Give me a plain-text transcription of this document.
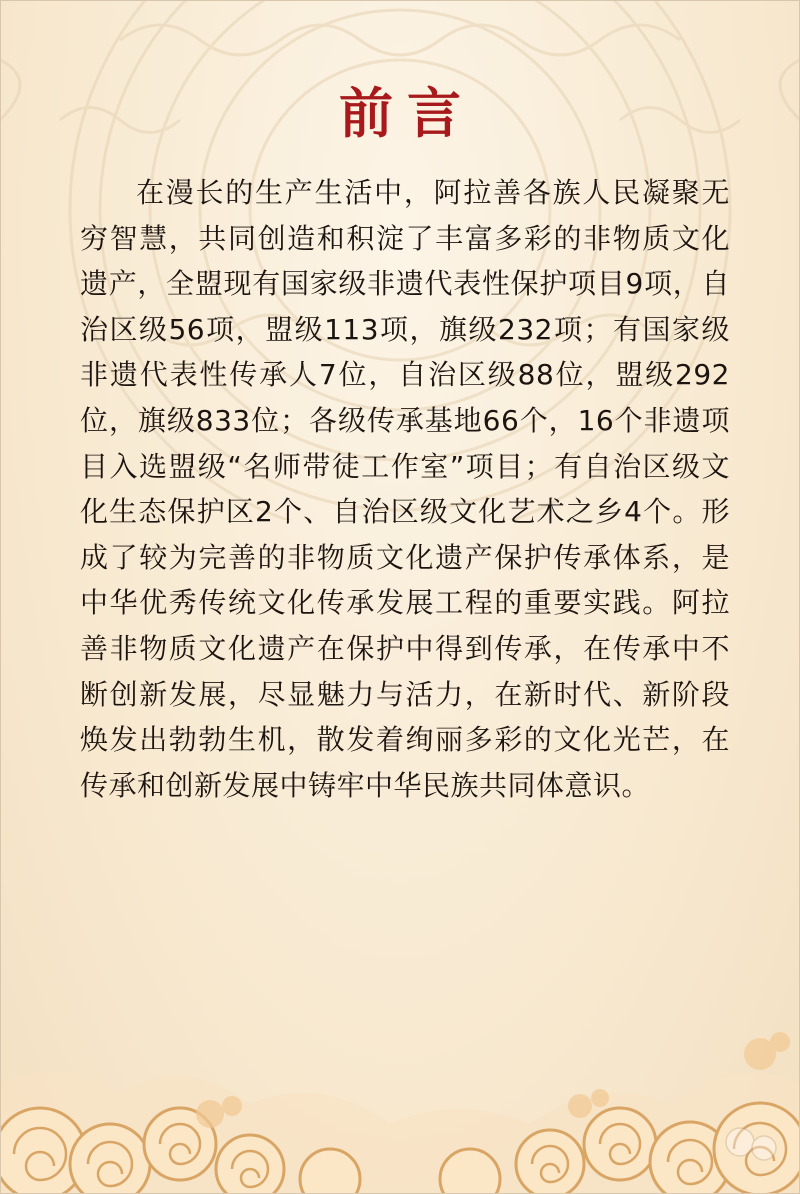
前言

在漫长的生产生活中，阿拉善各族人民凝聚无穷智慧，共同创造和积淀了丰富多彩的非物质文化遗产，全盟现有国家级非遗代表性保护项目9项，自治区级56项，盟级113项，旗级232项；有国家级非遗代表性传承人7位，自治区级88位，盟级292位，旗级833位；各级传承基地66个，16个非遗项目入选盟级“名师带徒工作室”项目；有自治区级文化生态保护区2个、自治区级文化艺术之乡4个。形成了较为完善的非物质文化遗产保护传承体系，是中华优秀传统文化传承发展工程的重要实践。阿拉善非物质文化遗产在保护中得到传承，在传承中不断创新发展，尽显魅力与活力，在新时代、新阶段焕发出勃勃生机，散发着绚丽多彩的文化光芒，在传承和创新发展中铸牢中华民族共同体意识。
